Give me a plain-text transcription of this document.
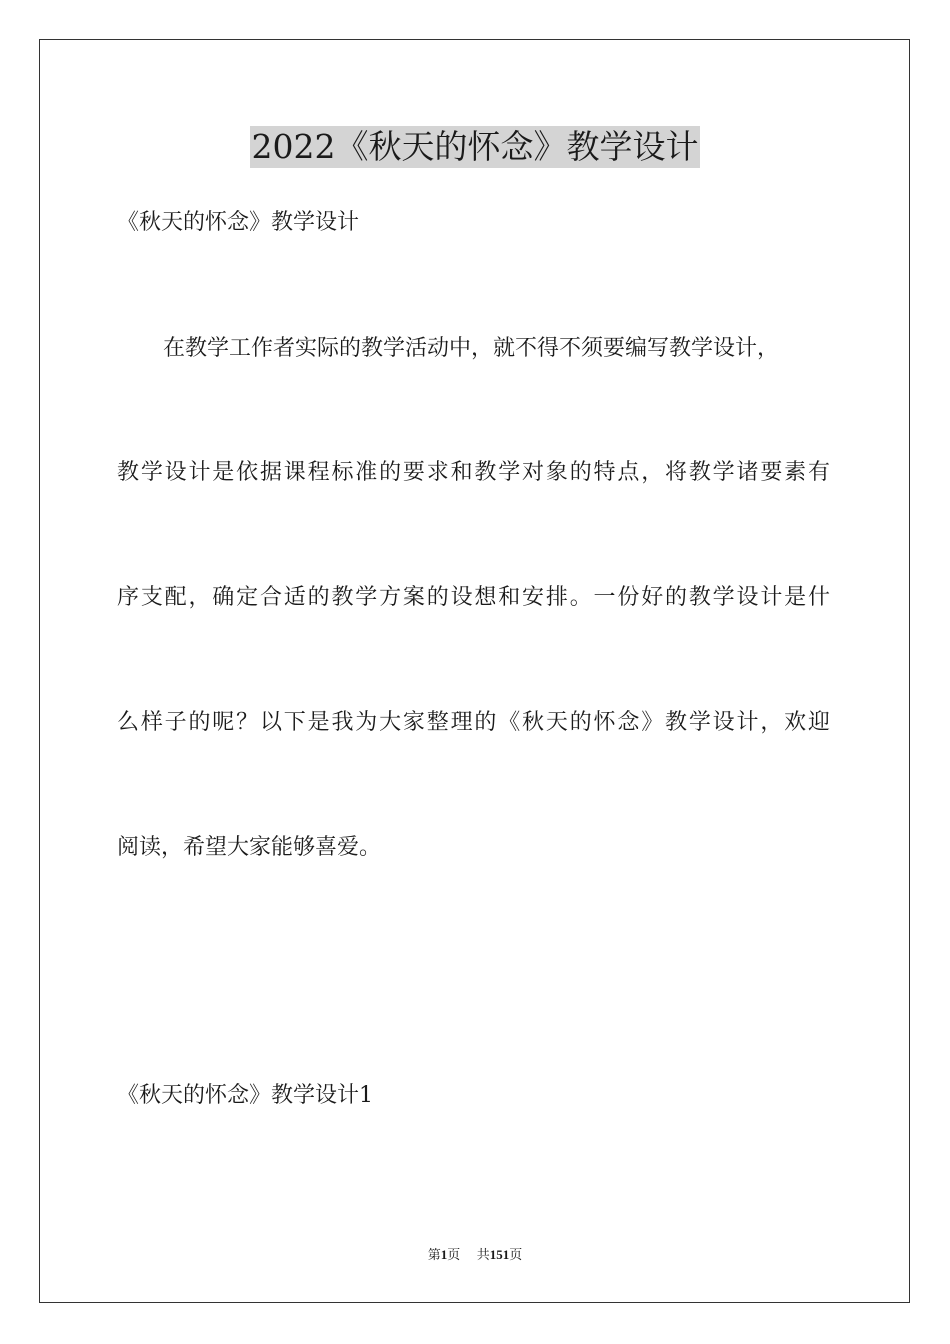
2022《秋天的怀念》教学设计
《秋天的怀念》教学设计
在教学工作者实际的教学活动中，就不得不须要编写教学设计，
教学设计是依据课程标准的要求和教学对象的特点，将教学诸要素有
序支配，确定合适的教学方案的设想和安排。一份好的教学设计是什
么样子的呢？以下是我为大家整理的《秋天的怀念》教学设计，欢迎
阅读，希望大家能够喜爱。
《秋天的怀念》教学设计1
第1页 共151页
